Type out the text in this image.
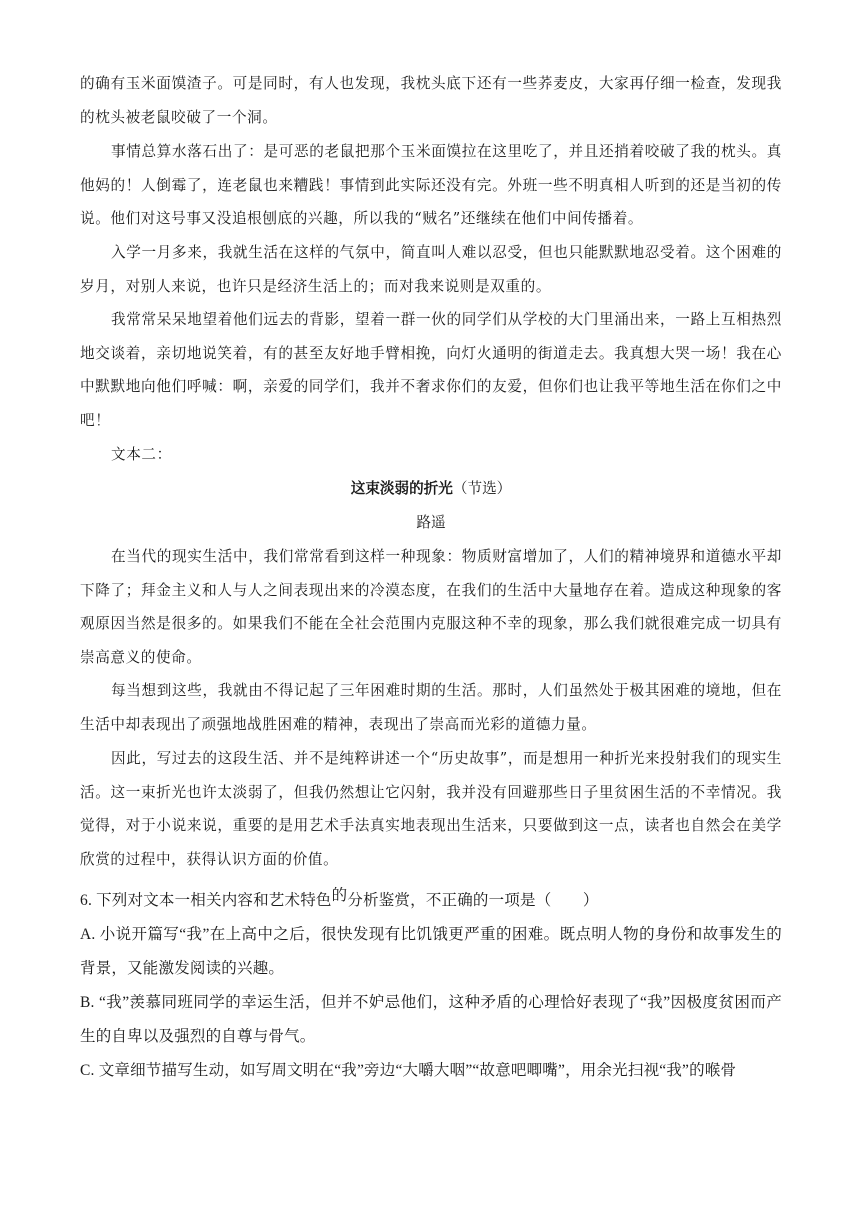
的确有玉米面馍渣子。可是同时，有人也发现，我枕头底下还有一些荞麦皮，大家再仔细一检查，发现我的枕头被老鼠咬破了一个洞。
事情总算水落石出了：是可恶的老鼠把那个玉米面馍拉在这里吃了，并且还捎着咬破了我的枕头。真他妈的！人倒霉了，连老鼠也来糟践！事情到此实际还没有完。外班一些不明真相人听到的还是当初的传说。他们对这号事又没追根刨底的兴趣，所以我的“贼名”还继续在他们中间传播着。
入学一月多来，我就生活在这样的气氛中，简直叫人难以忍受，但也只能默默地忍受着。这个困难的岁月，对别人来说，也许只是经济生活上的；而对我来说则是双重的。
我常常呆呆地望着他们远去的背影，望着一群一伙的同学们从学校的大门里涌出来，一路上互相热烈地交谈着，亲切地说笑着，有的甚至友好地手臂相挽，向灯火通明的街道走去。我真想大哭一场！我在心中默默地向他们呼喊：啊，亲爱的同学们，我并不奢求你们的友爱，但你们也让我平等地生活在你们之中吧！
文本二：
这束淡弱的折光（节选）
路遥
在当代的现实生活中，我们常常看到这样一种现象：物质财富增加了，人们的精神境界和道德水平却下降了；拜金主义和人与人之间表现出来的冷漠态度，在我们的生活中大量地存在着。造成这种现象的客观原因当然是很多的。如果我们不能在全社会范围内克服这种不幸的现象，那么我们就很难完成一切具有崇高意义的使命。
每当想到这些，我就由不得记起了三年困难时期的生活。那时，人们虽然处于极其困难的境地，但在生活中却表现出了顽强地战胜困难的精神，表现出了崇高而光彩的道德力量。
因此，写过去的这段生活、并不是纯粹讲述一个“历史故事”，而是想用一种折光来投射我们的现实生活。这一束折光也许太淡弱了，但我仍然想让它闪射，我并没有回避那些日子里贫困生活的不幸情况。我觉得，对于小说来说，重要的是用艺术手法真实地表现出生活来，只要做到这一点，读者也自然会在美学欣赏的过程中，获得认识方面的价值。
6. 下列对文本一相关内容和艺术特色的分析鉴赏，不正确的一项是（　　）
A. 小说开篇写“我”在上高中之后，很快发现有比饥饿更严重的困难。既点明人物的身份和故事发生的背景，又能激发阅读的兴趣。
B. “我”羡慕同班同学的幸运生活，但并不妒忌他们，这种矛盾的心理恰好表现了“我”因极度贫困而产生的自卑以及强烈的自尊与骨气。
C. 文章细节描写生动，如写周文明在“我”旁边“大嚼大咽”“故意吧唧嘴”，用余光扫视“我”的喉骨
